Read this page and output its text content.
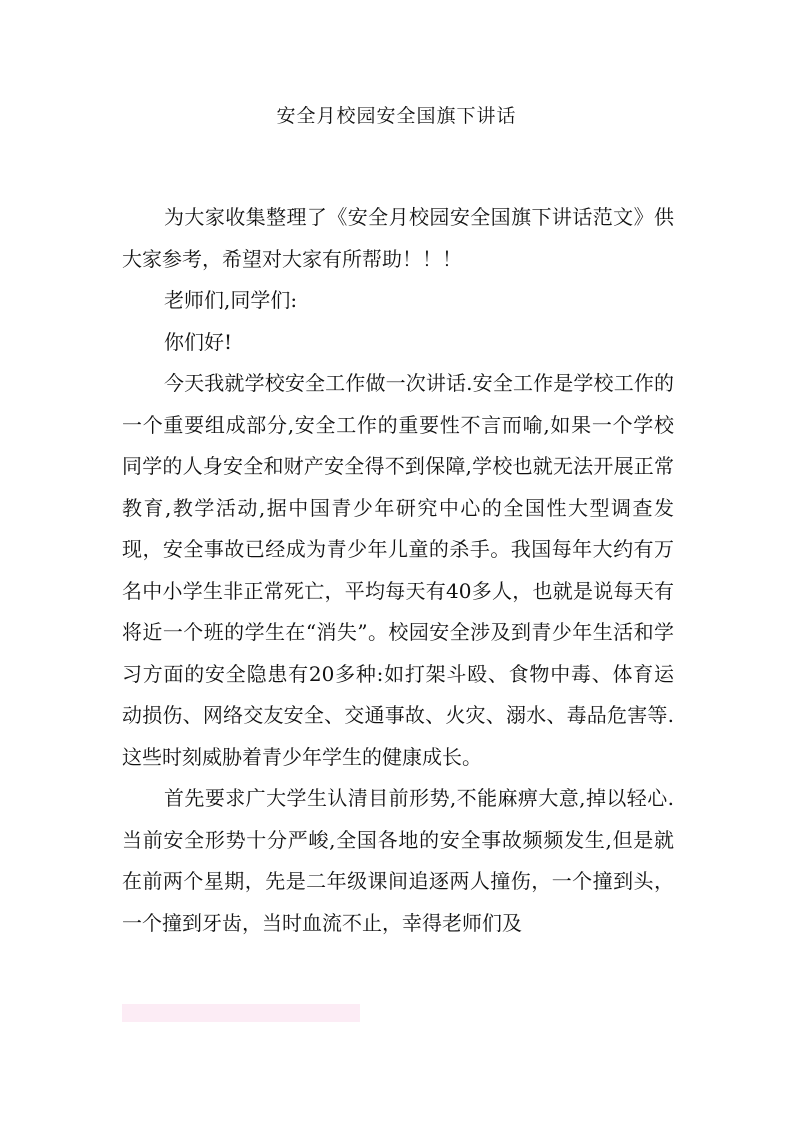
安全月校园安全国旗下讲话

为大家收集整理了《安全月校园安全国旗下讲话范文》供大家参考，希望对大家有所帮助！！！

老师们,同学们:

你们好!

今天我就学校安全工作做一次讲话.安全工作是学校工作的一个重要组成部分,安全工作的重要性不言而喻,如果一个学校同学的人身安全和财产安全得不到保障,学校也就无法开展正常教育,教学活动,据中国青少年研究中心的全国性大型调查发现，安全事故已经成为青少年儿童的杀手。我国每年大约有万名中小学生非正常死亡，平均每天有40多人，也就是说每天有将近一个班的学生在“消失”。校园安全涉及到青少年生活和学习方面的安全隐患有20多种:如打架斗殴、食物中毒、体育运动损伤、网络交友安全、交通事故、火灾、溺水、毒品危害等. 这些时刻威胁着青少年学生的健康成长。

首先要求广大学生认清目前形势,不能麻痹大意,掉以轻心.当前安全形势十分严峻,全国各地的安全事故频频发生,但是就在前两个星期，先是二年级课间追逐两人撞伤，一个撞到头，一个撞到牙齿，当时血流不止，幸得老师们及
